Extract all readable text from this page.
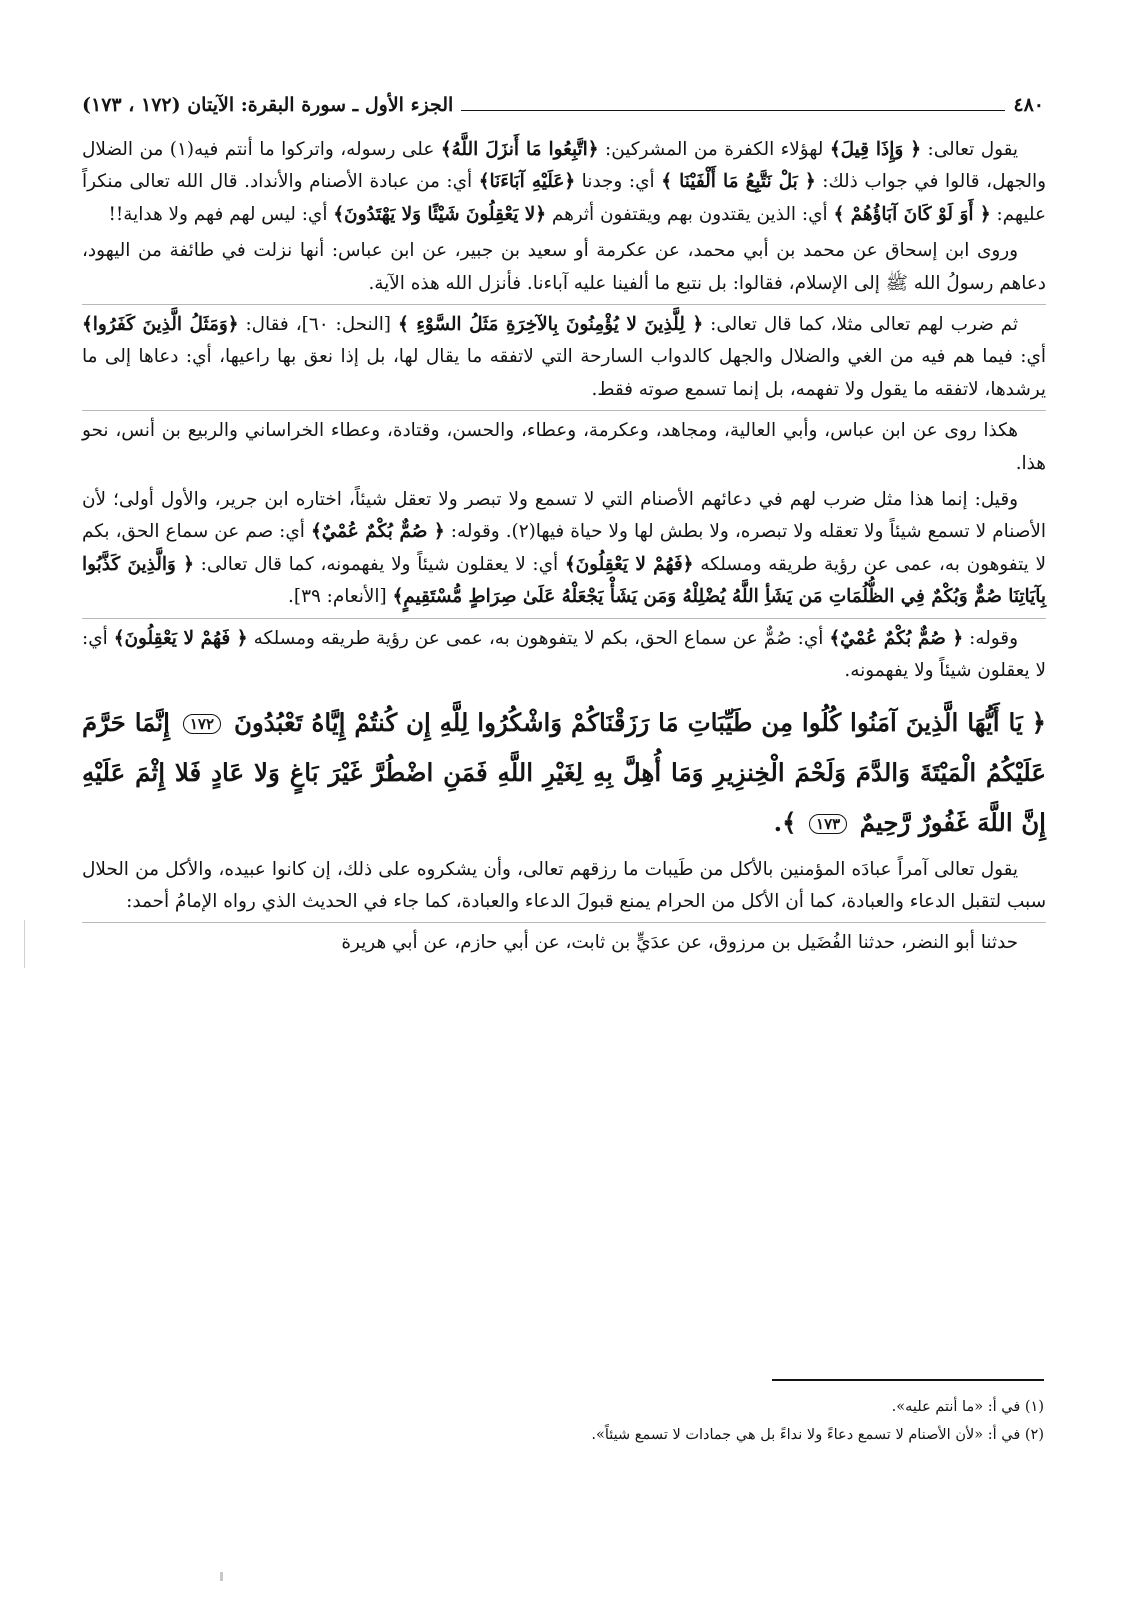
٤٨٠
الجزء الأول ـ سورة البقرة: الآيتان (١٧٢ ، ١٧٣)

يقول تعالى: ﴿ وَإِذَا قِيلَ﴾ لهؤلاء الكفرة من المشركين: ﴿اتَّبِعُوا مَا أَنزَلَ اللَّهُ﴾ على رسوله، واتركوا ما أنتم فيه(١) من الضلال والجهل، قالوا في جواب ذلك: ﴿ بَلْ نَتَّبِعُ مَا أَلْفَيْنَا ﴾ أي: وجدنا ﴿عَلَيْهِ آبَاءَنَا﴾ أي: من عبادة الأصنام والأنداد. قال الله تعالى منكراً عليهم: ﴿ أَوَ لَوْ كَانَ آبَاؤُهُمْ ﴾ أي: الذين يقتدون بهم ويقتفون أثرهم ﴿لا يَعْقِلُونَ شَيْئًا وَلا يَهْتَدُونَ﴾ أي: ليس لهم فهم ولا هداية!!

وروى ابن إسحاق عن محمد بن أبي محمد، عن عكرمة أو سعيد بن جبير، عن ابن عباس: أنها نزلت في طائفة من اليهود، دعاهم رسولُ الله ﷺ إلى الإسلام، فقالوا: بل نتبع ما ألفينا عليه آباءنا. فأنزل الله هذه الآية.

ثم ضرب لهم تعالى مثلا، كما قال تعالى: ﴿ لِلَّذِينَ لا يُؤْمِنُونَ بِالآخِرَةِ مَثَلُ السَّوْءِ ﴾ [النحل: ٦٠]، فقال: ﴿وَمَثَلُ الَّذِينَ كَفَرُوا﴾ أي: فيما هم فيه من الغي والضلال والجهل كالدواب السارحة التي لاتفقه ما يقال لها، بل إذا نعق بها راعيها، أي: دعاها إلى ما يرشدها، لاتفقه ما يقول ولا تفهمه، بل إنما تسمع صوته فقط.

هكذا روى عن ابن عباس، وأبي العالية، ومجاهد، وعكرمة، وعطاء، والحسن، وقتادة، وعطاء الخراساني والربيع بن أنس، نحو هذا.

وقيل: إنما هذا مثل ضرب لهم في دعائهم الأصنام التي لا تسمع ولا تبصر ولا تعقل شيئاً، اختاره ابن جرير، والأول أولى؛ لأن الأصنام لا تسمع شيئاً ولا تعقله ولا تبصره، ولا بطش لها ولا حياة فيها(٢). وقوله: ﴿ صُمٌّ بُكْمٌ عُمْيٌ﴾ أي: صم عن سماع الحق، بكم لا يتفوهون به، عمى عن رؤية طريقه ومسلكه ﴿فَهُمْ لا يَعْقِلُونَ﴾ أي: لا يعقلون شيئاً ولا يفهمونه، كما قال تعالى: ﴿ وَالَّذِينَ كَذَّبُوا بِآيَاتِنَا صُمٌّ وَبُكْمٌ فِي الظُّلُمَاتِ مَن يَشَأِ اللَّهُ يُضْلِلْهُ وَمَن يَشَأْ يَجْعَلْهُ عَلَىٰ صِرَاطٍ مُّسْتَقِيمٍ﴾ [الأنعام: ٣٩].

وقوله: ﴿ صُمٌّ بُكْمٌ عُمْيٌ﴾ أي: صُمٌّ عن سماع الحق، بكم لا يتفوهون به، عمى عن رؤية طريقه ومسلكه ﴿ فَهُمْ لا يَعْقِلُونَ﴾ أي: لا يعقلون شيئاً ولا يفهمونه.

﴿ يَا أَيُّهَا الَّذِينَ آمَنُوا كُلُوا مِن طَيِّبَاتِ مَا رَزَقْنَاكُمْ وَاشْكُرُوا لِلَّهِ إِن كُنتُمْ إِيَّاهُ تَعْبُدُونَ ١٧٢ إِنَّمَا حَرَّمَ عَلَيْكُمُ الْمَيْتَةَ وَالدَّمَ وَلَحْمَ الْخِنزِيرِ وَمَا أُهِلَّ بِهِ لِغَيْرِ اللَّهِ فَمَنِ اضْطُرَّ غَيْرَ بَاغٍ وَلا عَادٍ فَلا إِثْمَ عَلَيْهِ إِنَّ اللَّهَ غَفُورٌ رَّحِيمٌ ١٧٣ ﴾.

يقول تعالى آمراً عبادَه المؤمنين بالأكل من طَيبات ما رزقهم تعالى، وأن يشكروه على ذلك، إن كانوا عبيده، والأكل من الحلال سبب لتقبل الدعاء والعبادة، كما أن الأكل من الحرام يمنع قبولَ الدعاء والعبادة، كما جاء في الحديث الذي رواه الإمامُ أحمد:

حدثنا أبو النضر، حدثنا الفُضَيل بن مرزوق، عن عدَيٍّ بن ثابت، عن أبي حازم، عن أبي هريرة

(١) في أ: «ما أنتم عليه».
(٢) في أ: «لأن الأصنام لا تسمع دعاءً ولا نداءً بل هي جمادات لا تسمع شيئاً».
